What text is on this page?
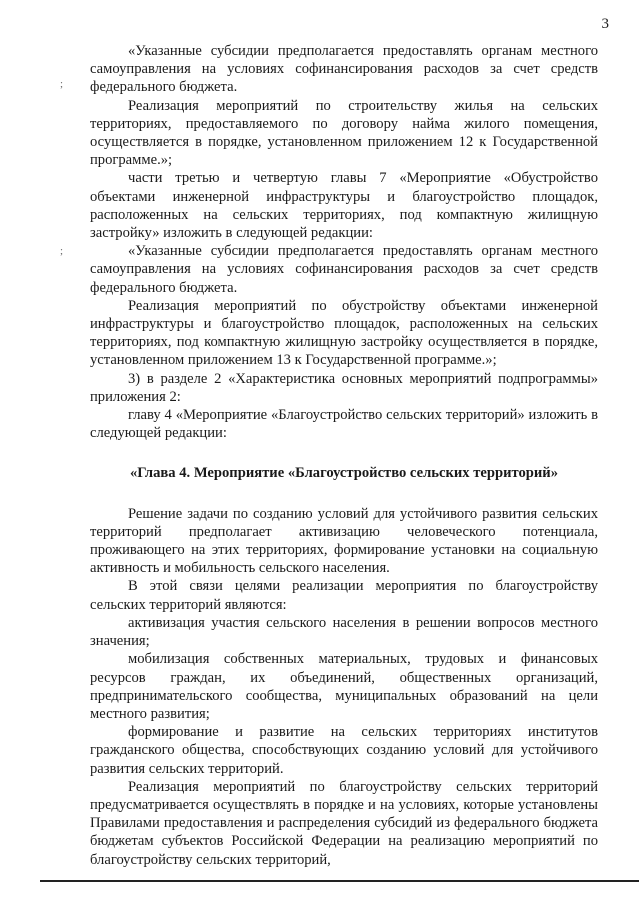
3
;
;

«Указанные субсидии предполагается предоставлять органам местного самоуправления на условиях софинансирования расходов за счет средств федерального бюджета.

Реализация мероприятий по строительству жилья на сельских территориях, предоставляемого по договору найма жилого помещения, осуществляется в порядке, установленном приложением 12 к Государственной программе.»;

части третью и четвертую главы 7 «Мероприятие «Обустройство объектами инженерной инфраструктуры и благоустройство площадок, расположенных на сельских территориях, под компактную жилищную застройку» изложить в следующей редакции:

«Указанные субсидии предполагается предоставлять органам местного самоуправления на условиях софинансирования расходов за счет средств федерального бюджета.

Реализация мероприятий по обустройству объектами инженерной инфраструктуры и благоустройство площадок, расположенных на сельских территориях, под компактную жилищную застройку осуществляется в порядке, установленном приложением 13 к Государственной программе.»;

3) в разделе 2 «Характеристика основных мероприятий подпрограммы» приложения 2:

главу 4 «Мероприятие «Благоустройство сельских территорий» изложить в следующей редакции:

«Глава 4. Мероприятие «Благоустройство сельских территорий»

Решение задачи по созданию условий для устойчивого развития сельских территорий предполагает активизацию человеческого потенциала, проживающего на этих территориях, формирование установки на социальную активность и мобильность сельского населения.

В этой связи целями реализации мероприятия по благоустройству сельских территорий являются:

активизация участия сельского населения в решении вопросов местного значения;

мобилизация собственных материальных, трудовых и финансовых ресурсов граждан, их объединений, общественных организаций, предпринимательского сообщества, муниципальных образований на цели местного развития;

формирование и развитие на сельских территориях институтов гражданского общества, способствующих созданию условий для устойчивого развития сельских территорий.

Реализация мероприятий по благоустройству сельских территорий предусматривается осуществлять в порядке и на условиях, которые установлены Правилами предоставления и распределения субсидий из федерального бюджета бюджетам субъектов Российской Федерации на реализацию мероприятий по благоустройству сельских территорий,
